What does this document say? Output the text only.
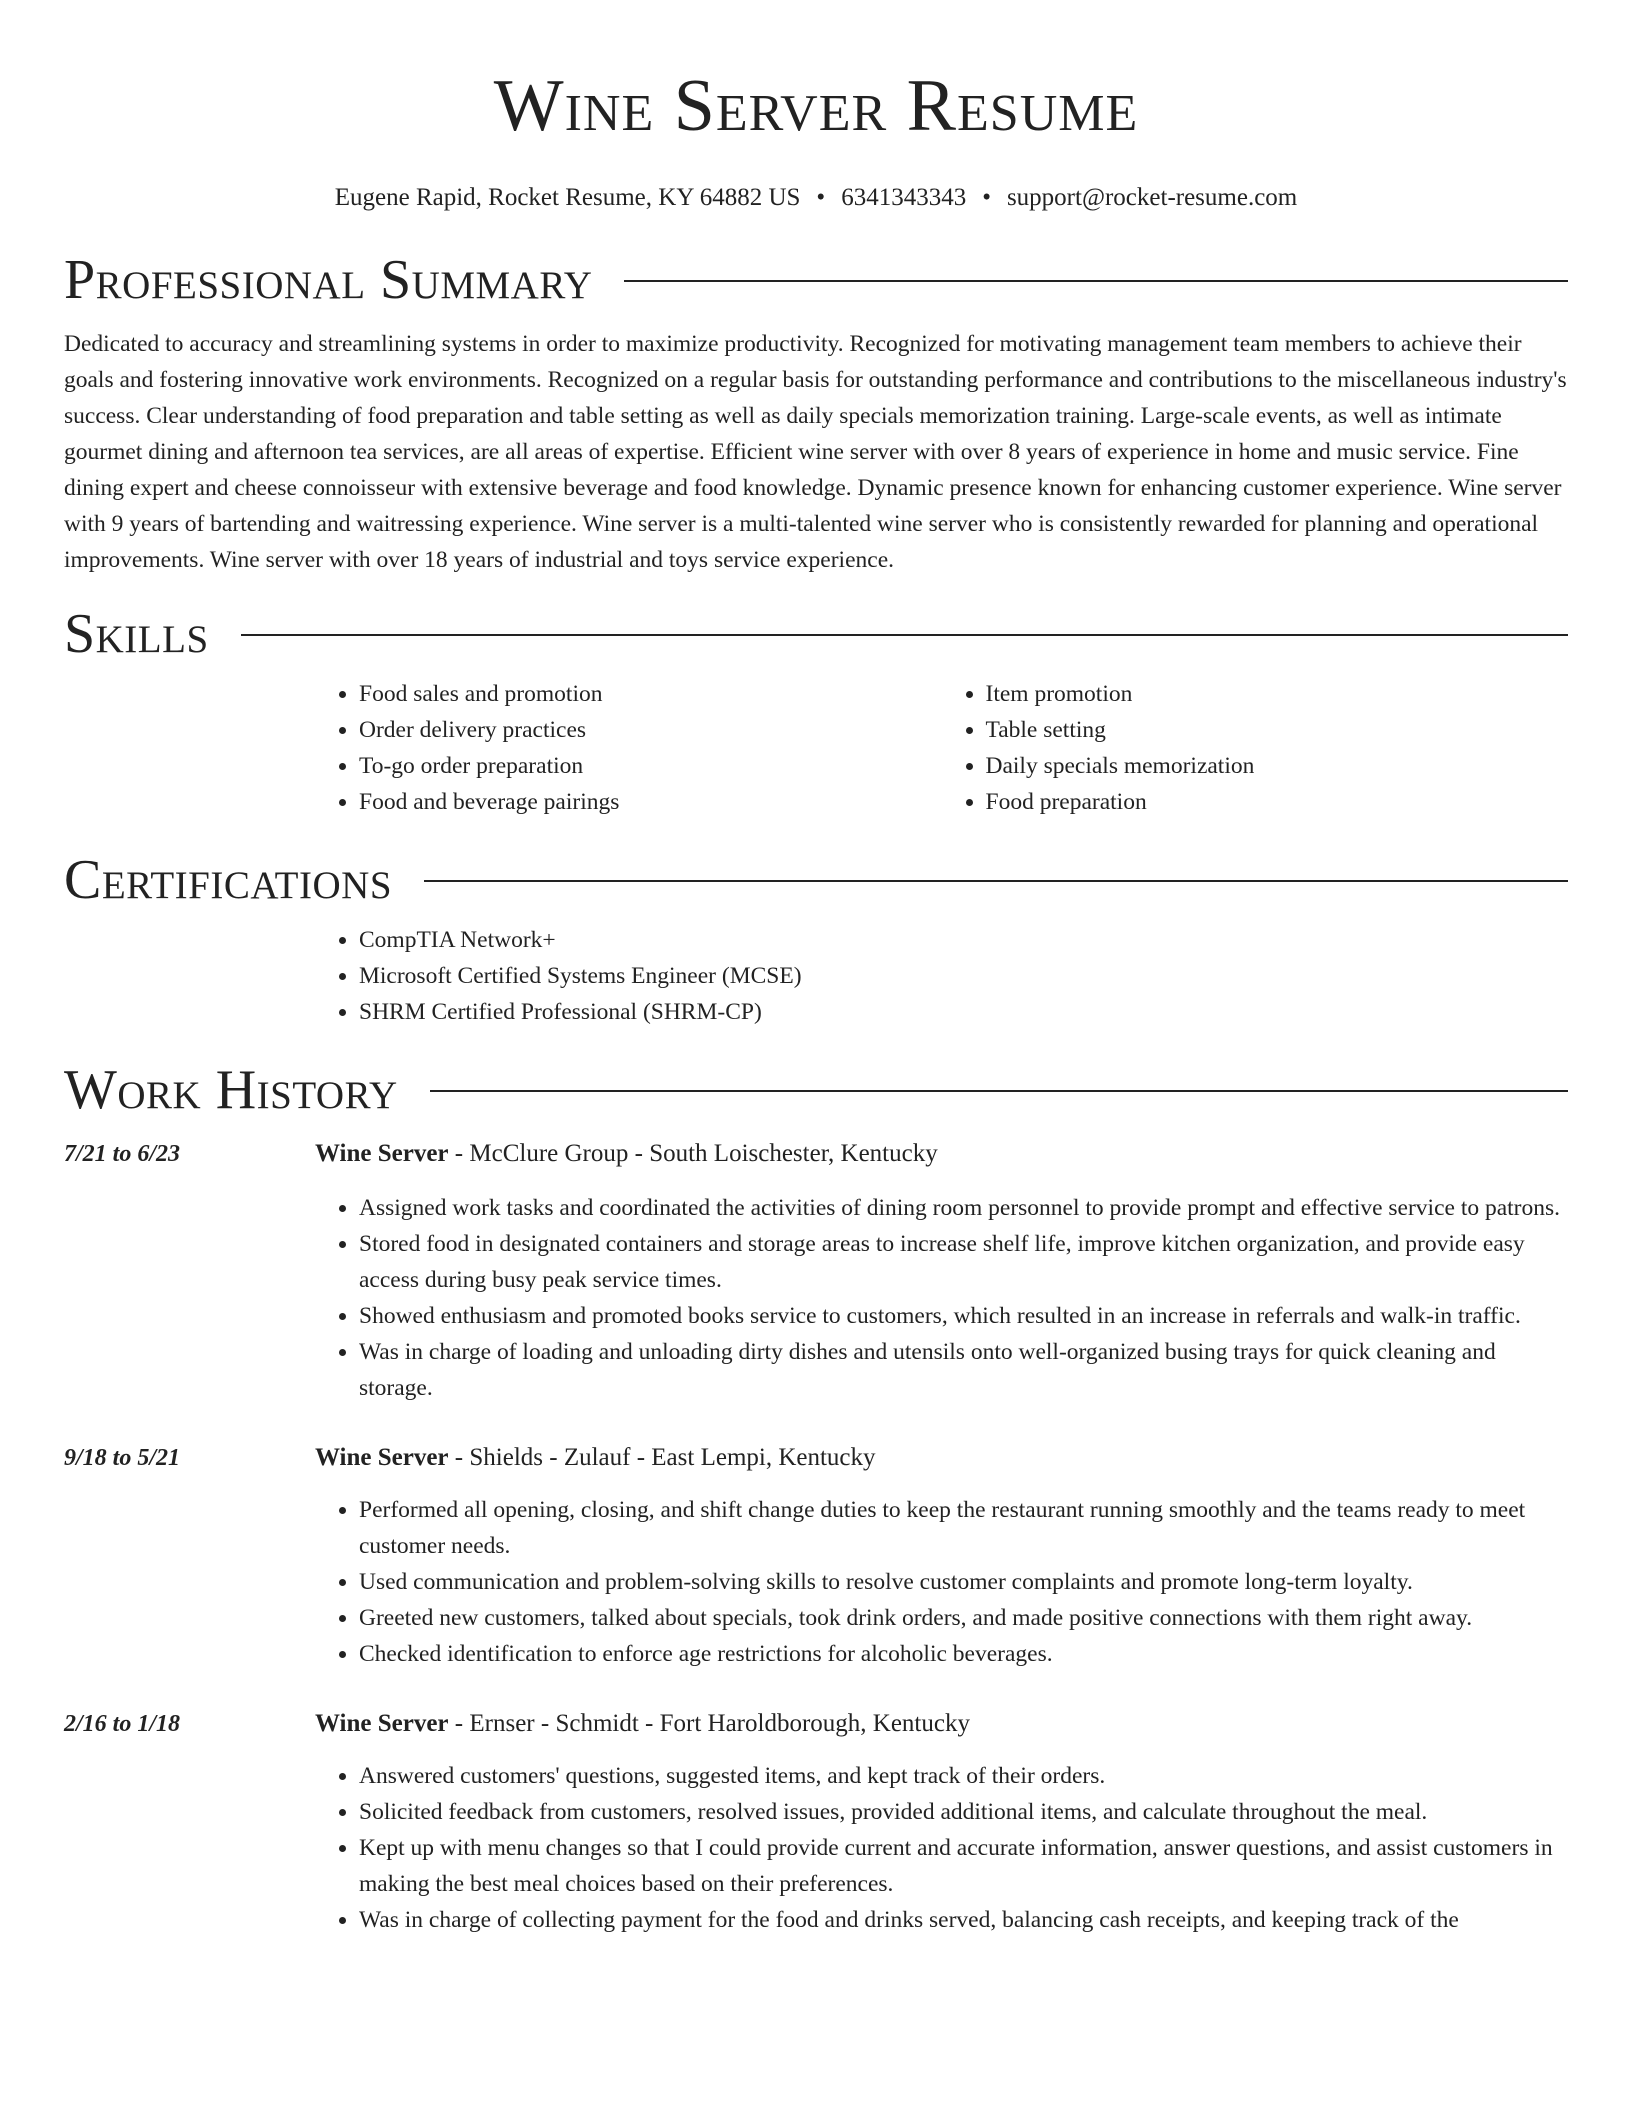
Wine Server Resume
Eugene Rapid, Rocket Resume, KY 64882 US • 6341343343 • support@rocket-resume.com
Professional Summary

Dedicated to accuracy and streamlining systems in order to maximize productivity. Recognized for motivating management team members to achieve their goals and fostering innovative work environments. Recognized on a regular basis for outstanding performance and contributions to the miscellaneous industry's success. Clear understanding of food preparation and table setting as well as daily specials memorization training. Large-scale events, as well as intimate gourmet dining and afternoon tea services, are all areas of expertise. Efficient wine server with over 8 years of experience in home and music service. Fine dining expert and cheese connoisseur with extensive beverage and food knowledge. Dynamic presence known for enhancing customer experience. Wine server with 9 years of bartending and waitressing experience. Wine server is a multi-talented wine server who is consistently rewarded for planning and operational improvements. Wine server with over 18 years of industrial and toys service experience.

Skills
• Food sales and promotion
• Order delivery practices
• To-go order preparation
• Food and beverage pairings
• Item promotion
• Table setting
• Daily specials memorization
• Food preparation
Certifications
• CompTIA Network+
• Microsoft Certified Systems Engineer (MCSE)
• SHRM Certified Professional (SHRM-CP)
Work History
7/21 to 6/23	Wine Server - McClure Group - South Loischester, Kentucky
• Assigned work tasks and coordinated the activities of dining room personnel to provide prompt and effective service to patrons.
• Stored food in designated containers and storage areas to increase shelf life, improve kitchen organization, and provide easy access during busy peak service times.
• Showed enthusiasm and promoted books service to customers, which resulted in an increase in referrals and walk-in traffic.
• Was in charge of loading and unloading dirty dishes and utensils onto well-organized busing trays for quick cleaning and storage.
9/18 to 5/21	Wine Server - Shields - Zulauf - East Lempi, Kentucky
• Performed all opening, closing, and shift change duties to keep the restaurant running smoothly and the teams ready to meet customer needs.
• Used communication and problem-solving skills to resolve customer complaints and promote long-term loyalty.
• Greeted new customers, talked about specials, took drink orders, and made positive connections with them right away.
• Checked identification to enforce age restrictions for alcoholic beverages.
2/16 to 1/18	Wine Server - Ernser - Schmidt - Fort Haroldborough, Kentucky
• Answered customers' questions, suggested items, and kept track of their orders.
• Solicited feedback from customers, resolved issues, provided additional items, and calculate throughout the meal.
• Kept up with menu changes so that I could provide current and accurate information, answer questions, and assist customers in making the best meal choices based on their preferences.
• Was in charge of collecting payment for the food and drinks served, balancing cash receipts, and keeping track of the
